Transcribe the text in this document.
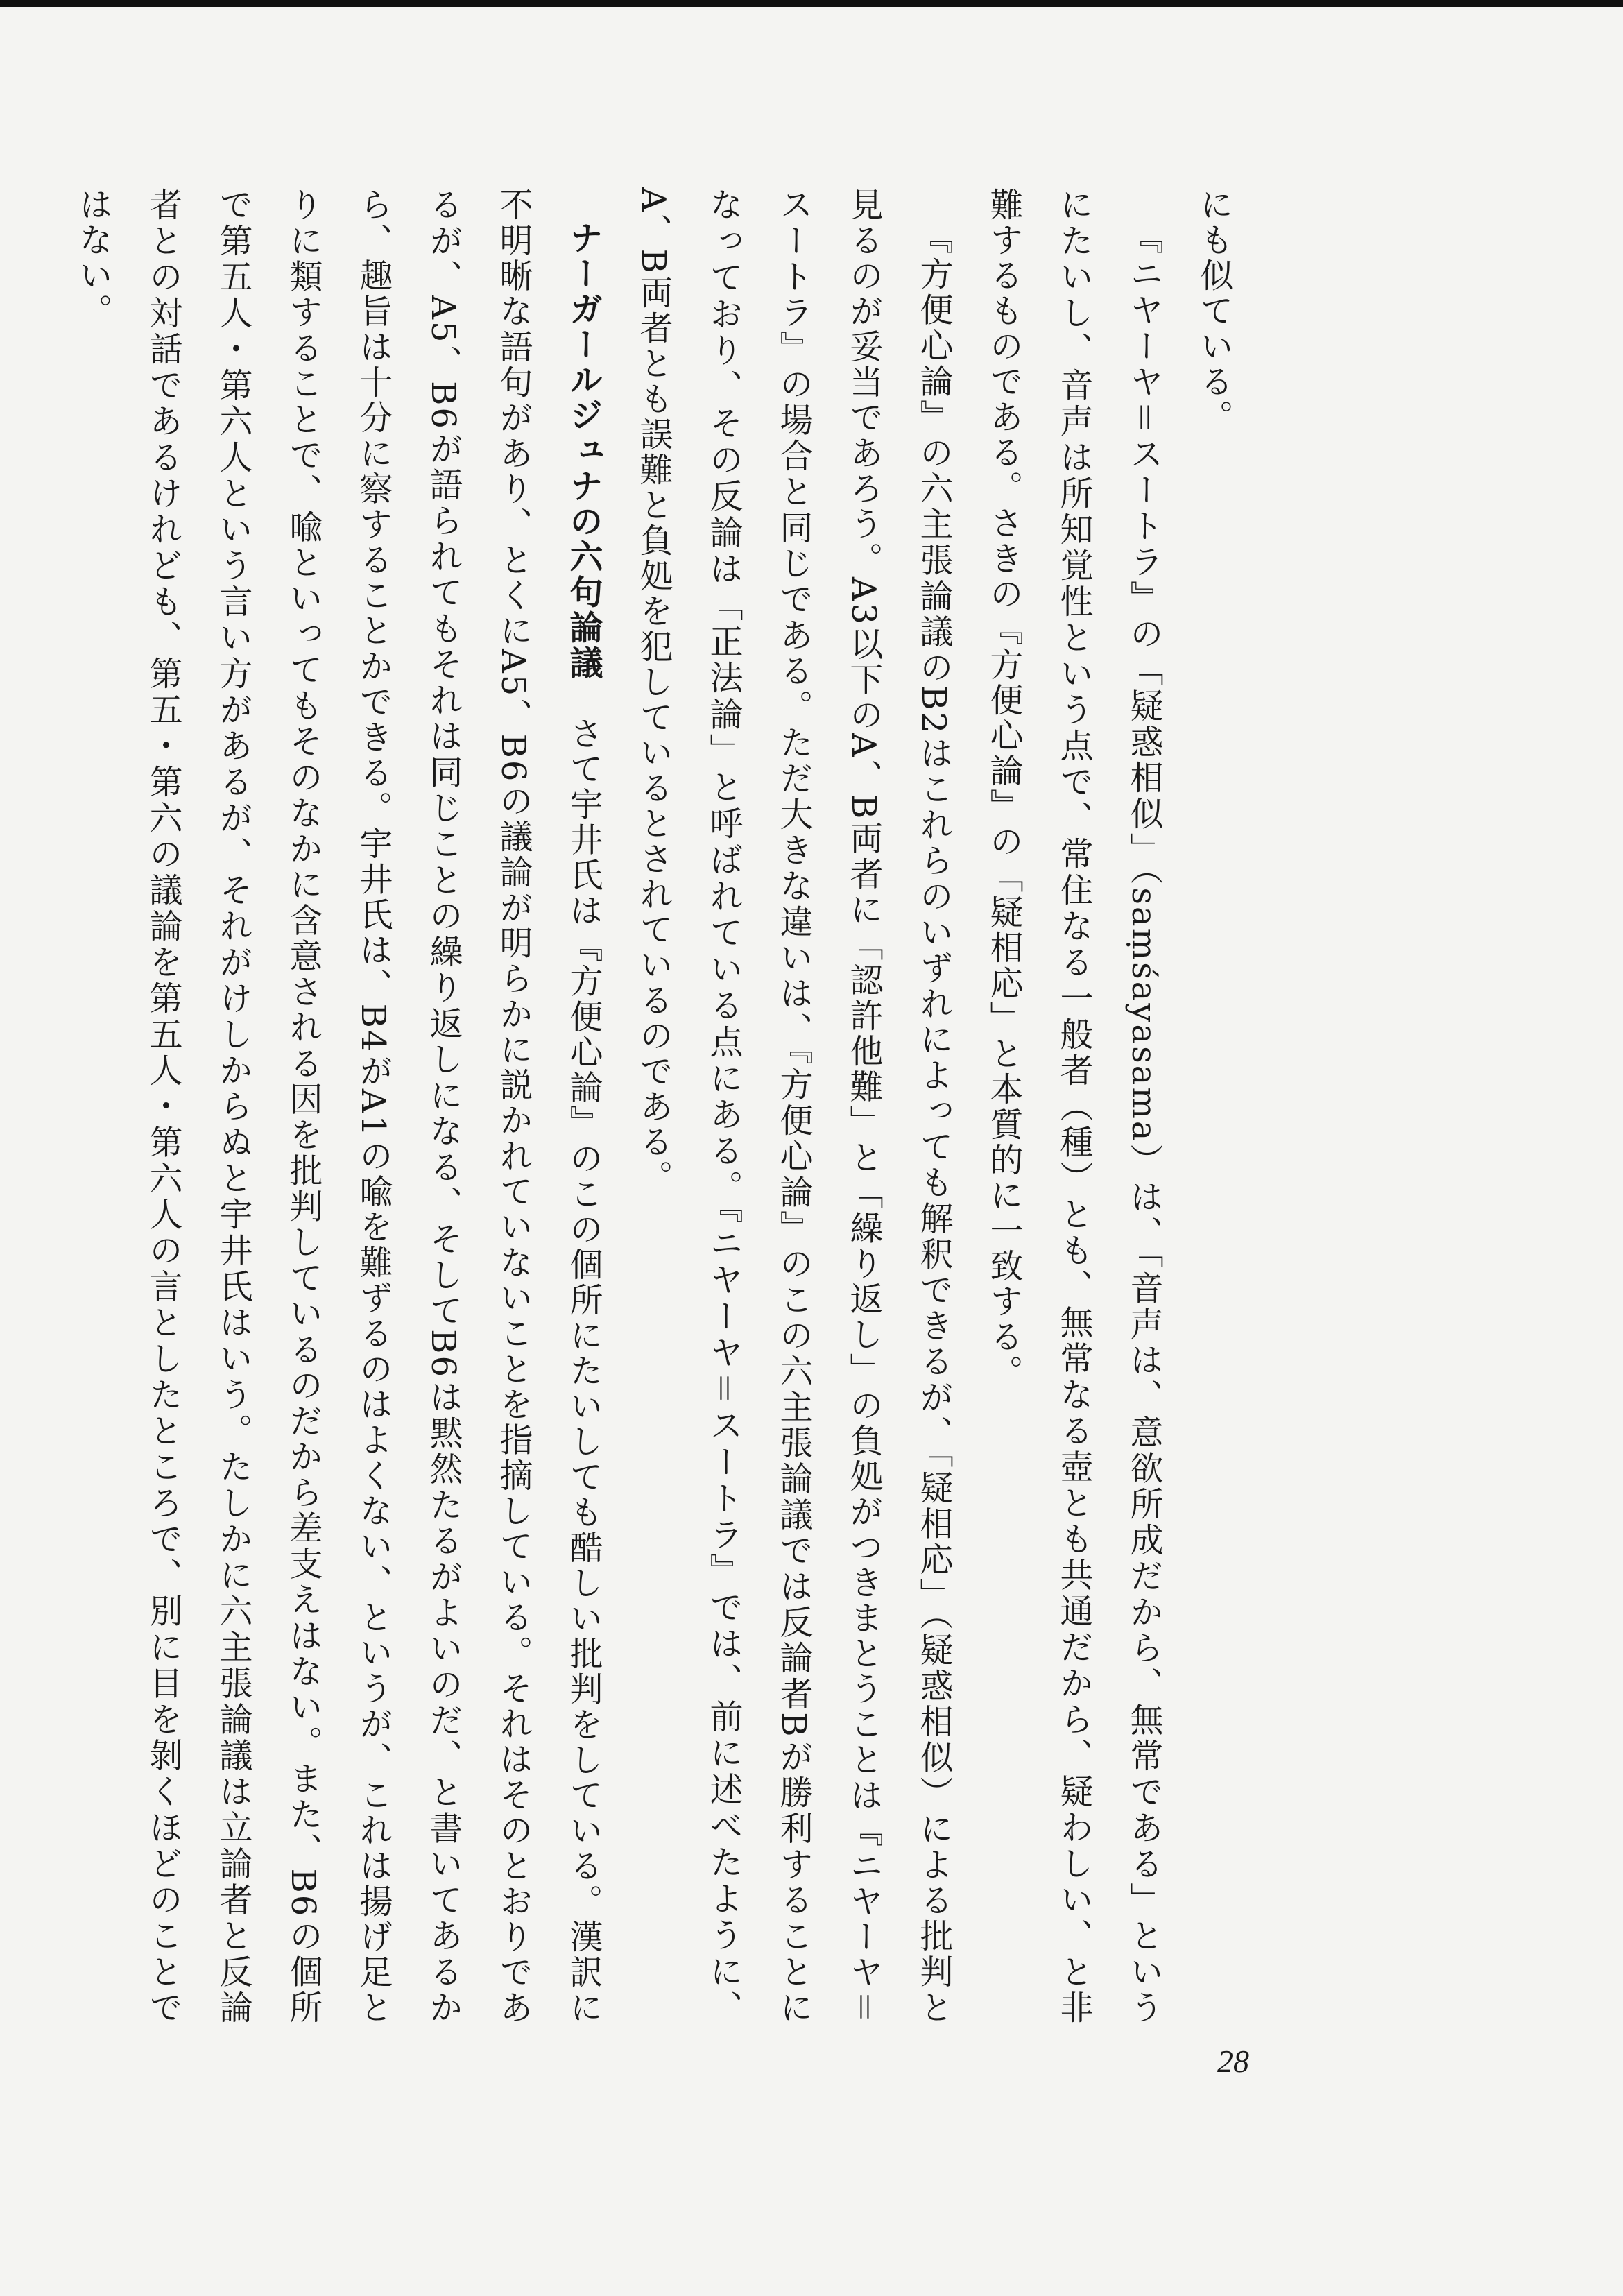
にも似ている。

『ニヤーヤ＝スートラ』の「疑惑相似」（saṃśayasama）は、「音声は、意欲所成だから、無常である」というにたいし、音声は所知覚性という点で、常住なる一般者（種）とも、無常なる壺とも共通だから、疑わしい、と非難するものである。さきの『方便心論』の「疑相応」と本質的に一致する。

『方便心論』の六主張論議のB2はこれらのいずれによっても解釈できるが、「疑相応」（疑惑相似）による批判と見るのが妥当であろう。A3以下のA、B両者に「認許他難」と「繰り返し」の負処がつきまとうことは『ニヤーヤ＝スートラ』の場合と同じである。ただ大きな違いは、『方便心論』のこの六主張論議では反論者Bが勝利することになっており、その反論は「正法論」と呼ばれている点にある。『ニヤーヤ＝スートラ』では、前に述べたように、A、B両者とも誤難と負処を犯しているとされているのである。

ナーガールジュナの六句論議　さて宇井氏は『方便心論』のこの個所にたいしても酷しい批判をしている。漢訳に不明晰な語句があり、とくにA5、B6の議論が明らかに説かれていないことを指摘している。それはそのとおりであるが、A5、B6が語られてもそれは同じことの繰り返しになる、そしてB6は黙然たるがよいのだ、と書いてあるから、趣旨は十分に察することかできる。宇井氏は、B4がA1の喩を難ずるのはよくない、というが、これは揚げ足とりに類することで、喩といってもそのなかに含意される因を批判しているのだから差支えはない。また、B6の個所で第五人・第六人という言い方があるが、それがけしからぬと宇井氏はいう。たしかに六主張論議は立論者と反論者との対話であるけれども、第五・第六の議論を第五人・第六人の言としたところで、別に目を剝くほどのことではない。

28
